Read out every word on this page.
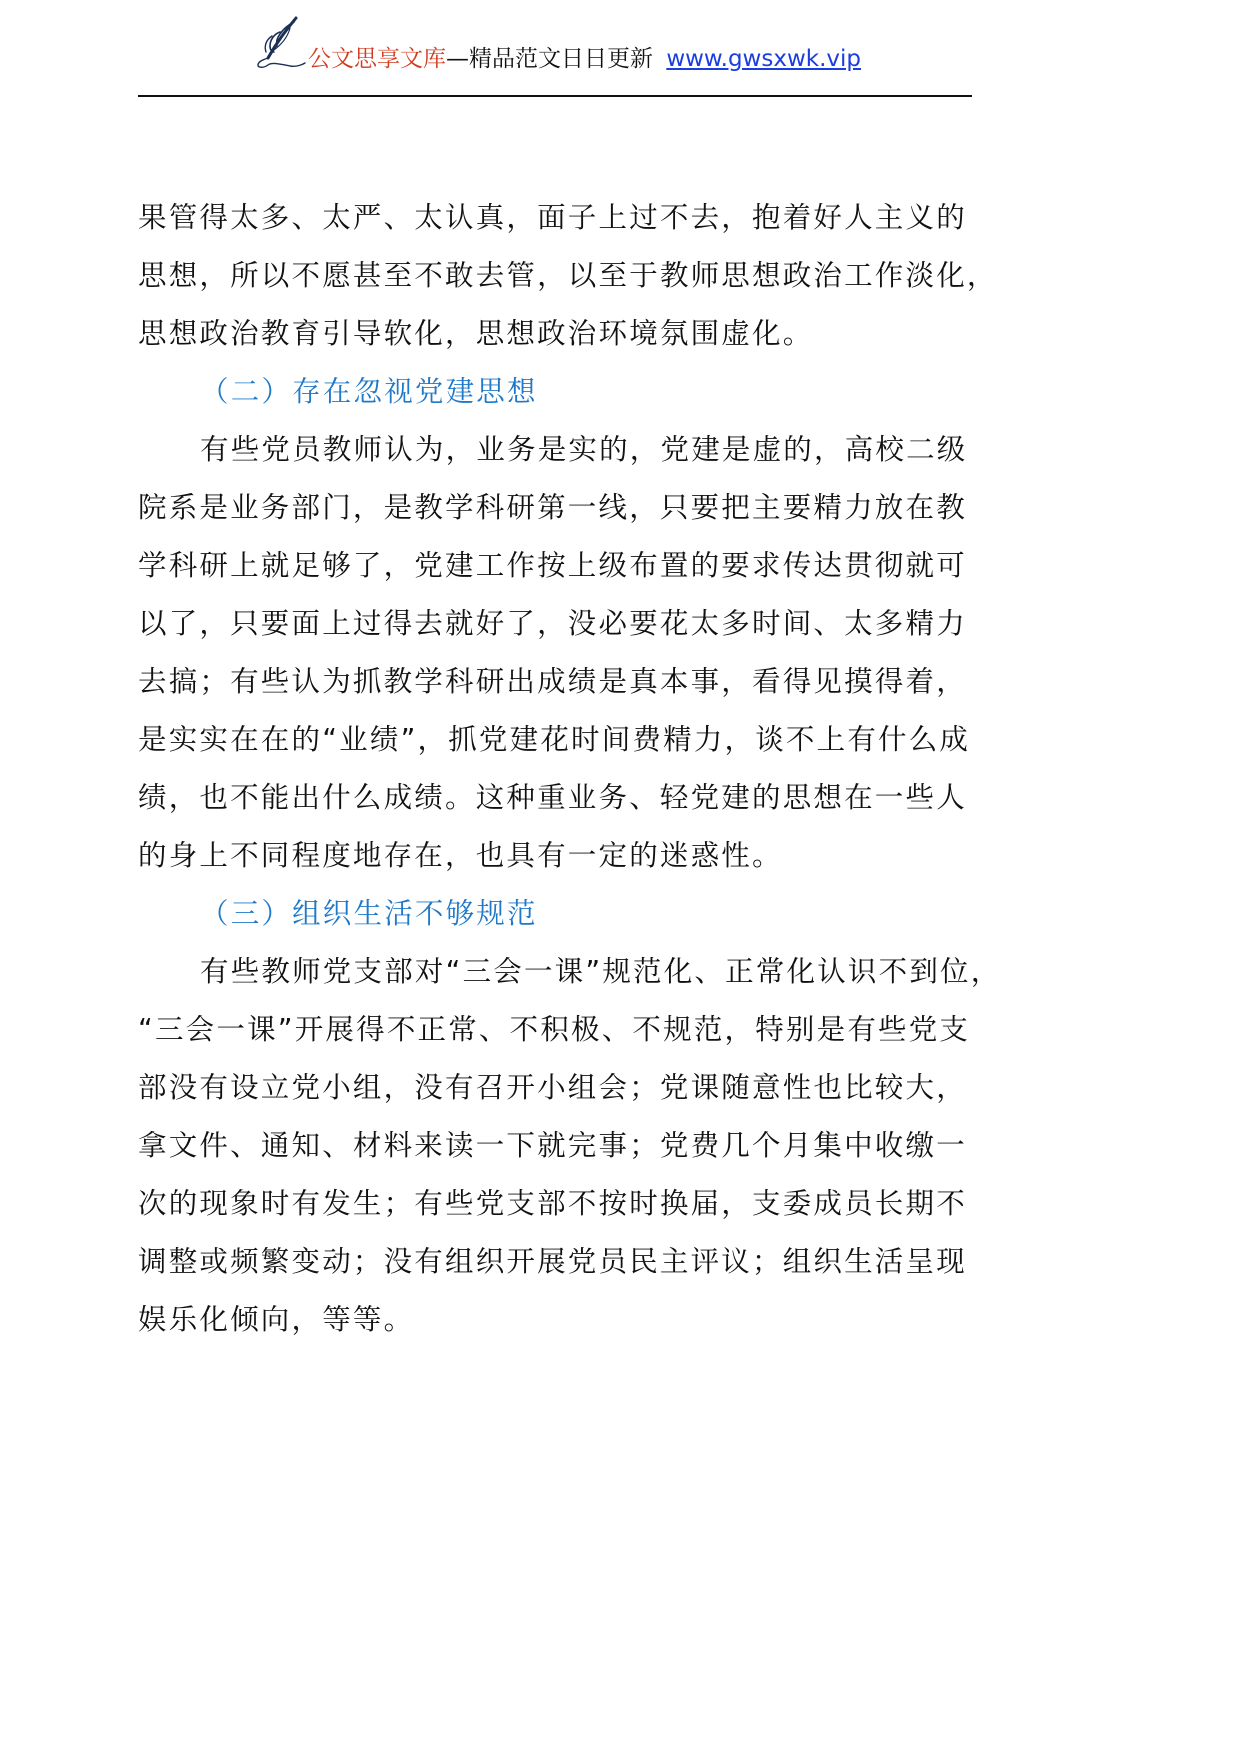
公文思享文库—精品范文日日更新 www.gwsxwk.vip
果管得太多、太严、太认真，面子上过不去，抱着好人主义的
思想，所以不愿甚至不敢去管，以至于教师思想政治工作淡化，
思想政治教育引导软化，思想政治环境氛围虚化。
（二）存在忽视党建思想
有些党员教师认为，业务是实的，党建是虚的，高校二级
院系是业务部门，是教学科研第一线，只要把主要精力放在教
学科研上就足够了，党建工作按上级布置的要求传达贯彻就可
以了，只要面上过得去就好了，没必要花太多时间、太多精力
去搞；有些认为抓教学科研出成绩是真本事，看得见摸得着，
是实实在在的“业绩”，抓党建花时间费精力，谈不上有什么成
绩，也不能出什么成绩。这种重业务、轻党建的思想在一些人
的身上不同程度地存在，也具有一定的迷惑性。
（三）组织生活不够规范
有些教师党支部对“三会一课”规范化、正常化认识不到位，
“三会一课”开展得不正常、不积极、不规范，特别是有些党支
部没有设立党小组，没有召开小组会；党课随意性也比较大，
拿文件、通知、材料来读一下就完事；党费几个月集中收缴一
次的现象时有发生；有些党支部不按时换届，支委成员长期不
调整或频繁变动；没有组织开展党员民主评议；组织生活呈现
娱乐化倾向，等等。
